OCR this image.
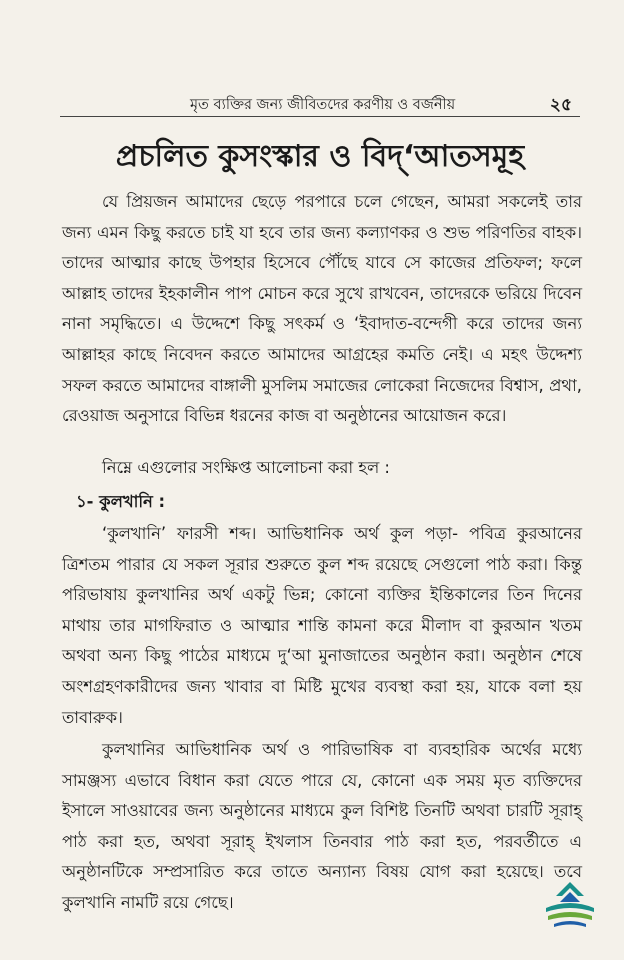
মৃত ব্যক্তির জন্য জীবিতদের করণীয় ও বর্জনীয়	২৫
প্রচলিত কুসংস্কার ও বিদ্‘আতসমূহ

যে প্রিয়জন আমাদের ছেড়ে পরপারে চলে গেছেন, আমরা সকলেই তার জন্য এমন কিছু করতে চাই যা হবে তার জন্য কল্যাণকর ও শুভ পরিণতির বাহক। তাদের আত্মার কাছে উপহার হিসেবে পৌঁছে যাবে সে কাজের প্রতিফল; ফলে আল্লাহ তাদের ইহকালীন পাপ মোচন করে সুখে রাখবেন, তাদেরকে ভরিয়ে দিবেন নানা সমৃদ্ধিতে। এ উদ্দেশে কিছু সৎকর্ম ও ‘ইবাদাত-বন্দেগী করে তাদের জন্য আল্লাহর কাছে নিবেদন করতে আমাদের আগ্রহের কমতি নেই। এ মহৎ উদ্দেশ্য সফল করতে আমাদের বাঙ্গালী মুসলিম সমাজের লোকেরা নিজেদের বিশ্বাস, প্রথা, রেওয়াজ অনুসারে বিভিন্ন ধরনের কাজ বা অনুষ্ঠানের আয়োজন করে।

নিম্নে এগুলোর সংক্ষিপ্ত আলোচনা করা হল :

১- কুলখানি :

‘কুলখানি’ ফারসী শব্দ। আভিধানিক অর্থ কুল পড়া- পবিত্র কুরআনের ত্রিশতম পারার যে সকল সূরার শুরুতে কুল শব্দ রয়েছে সেগুলো পাঠ করা। কিন্তু পরিভাষায় কুলখানির অর্থ একটু ভিন্ন; কোনো ব্যক্তির ইন্তিকালের তিন দিনের মাথায় তার মাগফিরাত ও আত্মার শান্তি কামনা করে মীলাদ বা কুরআন খতম অথবা অন্য কিছু পাঠের মাধ্যমে দু‘আ মুনাজাতের অনুষ্ঠান করা। অনুষ্ঠান শেষে অংশগ্রহণকারীদের জন্য খাবার বা মিষ্টি মুখের ব্যবস্থা করা হয়, যাকে বলা হয় তাবারুক।

কুলখানির আভিধানিক অর্থ ও পারিভাষিক বা ব্যবহারিক অর্থের মধ্যে সামঞ্জস্য এভাবে বিধান করা যেতে পারে যে, কোনো এক সময় মৃত ব্যক্তিদের ইসালে সাওয়াবের জন্য অনুষ্ঠানের মাধ্যমে কুল বিশিষ্ট তিনটি অথবা চারটি সূরাহ্ পাঠ করা হত, অথবা সূরাহ্ ইখলাস তিনবার পাঠ করা হত, পরবর্তীতে এ অনুষ্ঠানটিকে সম্প্রসারিত করে তাতে অন্যান্য বিষয় যোগ করা হয়েছে। তবে কুলখানি নামটি রয়ে গেছে।
